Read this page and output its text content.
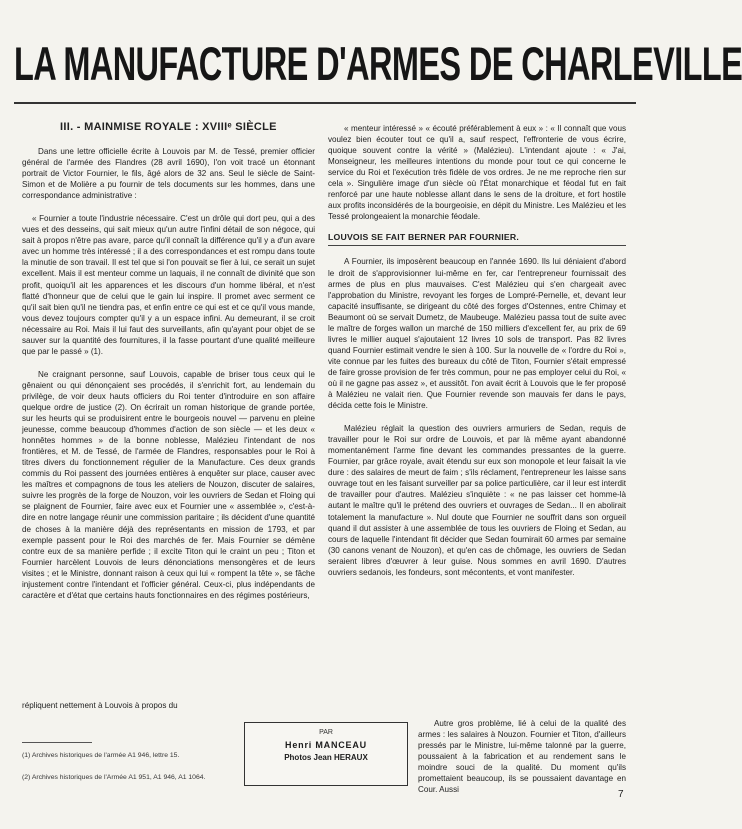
LA MANUFACTURE D'ARMES DE CHARLEVILLE
III. - MAINMISE ROYALE : XVIIIᵉ SIÈCLE

Dans une lettre officielle écrite à Louvois par M. de Tessé, premier officier général de l'armée des Flandres (28 avril 1690), l'on voit tracé un étonnant portrait de Victor Fournier, le fils, âgé alors de 32 ans. Seul le siècle de Saint-Simon et de Molière a pu fournir de tels documents sur les hommes, dans une correspondance administrative :

« Fournier a toute l'industrie nécessaire. C'est un drôle qui dort peu, qui a des vues et des desseins, qui sait mieux qu'un autre l'infini détail de son négoce, qui sait à propos n'être pas avare, parce qu'il connaît la différence qu'il y a d'un avare avec un homme très intéressé ; il a des correspondances et est rompu dans toute la minutie de son travail. Il est tel que si l'on pouvait se fier à lui, ce serait un sujet excellent. Mais il est menteur comme un laquais, il ne connaît de divinité que son profit, quoiqu'il ait les apparences et les discours d'un homme libéral, et n'est flatté d'honneur que de celui que le gain lui inspire. Il promet avec serment ce qu'il sait bien qu'il ne tiendra pas, et enfin entre ce qui est et ce qu'il vous mande, vous devez toujours compter qu'il y a un espace infini. Au demeurant, il se croit nécessaire au Roi. Mais il lui faut des surveillants, afin qu'ayant pour objet de se sauver sur la quantité des fournitures, il la fasse pourtant d'une qualité meilleure que par le passé » (1).

Ne craignant personne, sauf Louvois, capable de briser tous ceux qui le gênaient ou qui dénonçaient ses procédés, il s'enrichit fort, au lendemain du privilège, de voir deux hauts officiers du Roi tenter d'introduire en son affaire quelque ordre de justice (2). On écrirait un roman historique de grande portée, sur les heurts qui se produisirent entre le bourgeois nouvel — parvenu en pleine jeunesse, comme beaucoup d'hommes d'action de son siècle — et les deux « honnêtes hommes » de la bonne noblesse, Malézieu l'intendant de nos frontières, et M. de Tessé, de l'armée de Flandres, responsables pour le Roi à titres divers du fonctionnement régulier de la Manufacture. Ces deux grands commis du Roi passent des journées entières à enquêter sur place, causer avec les maîtres et compagnons de tous les ateliers de Nouzon, discuter de salaires, suivre les progrès de la forge de Nouzon, voir les ouvriers de Sedan et Floing qui se plaignent de Fournier, faire avec eux et Fournier une « assemblée », c'est-à-dire en notre langage réunir une commission paritaire ; ils décident d'une quantité de choses à la manière déjà des représentants en mission de 1793, et par exemple passent pour le Roi des marchés de fer. Mais Fournier se démène contre eux de sa manière perfide ; il excite Titon qui le craint un peu ; Titon et Fournier harcèlent Louvois de leurs dénonciations mensongères et de leurs visites ; et le Ministre, donnant raison à ceux qui lui « rompent la tête », se fâche injustement contre l'intendant et l'officier général. Ceux-ci, plus indépendants de caractère et d'état que certains hauts fonctionnaires en des régimes postérieurs,

répliquent nettement à Louvois à propos du
(1) Archives historiques de l'armée A1 946, lettre 15.
(2) Archives historiques de l'Armée A1 951, A1 946, A1 1064.

« menteur intéressé » « écouté préférablement à eux » : « Il connaît que vous voulez bien écouter tout ce qu'il a, sauf respect, l'effronterie de vous écrire, quoique souvent contre la vérité » (Malézieu). L'intendant ajoute : « J'ai, Monseigneur, les meilleures intentions du monde pour tout ce qui concerne le service du Roi et l'exécution très fidèle de vos ordres. Je ne me reproche rien sur cela ». Singulière image d'un siècle où l'État monarchique et féodal fut en fait renforcé par une haute noblesse allant dans le sens de la droiture, et fort hostile aux profits inconsidérés de la bourgeoisie, en dépit du Ministre. Les Malézieu et les Tessé prolongeaient la monarchie féodale.

LOUVOIS SE FAIT BERNER PAR FOURNIER.

A Fournier, ils imposèrent beaucoup en l'année 1690. Ils lui déniaient d'abord le droit de s'approvisionner lui-même en fer, car l'entrepreneur fournissait des armes de plus en plus mauvaises. C'est Malézieu qui s'en chargeait avec l'approbation du Ministre, revoyant les forges de Lompré-Pernelle, et, devant leur capacité insuffisante, se dirigeant du côté des forges d'Ostennes, entre Chimay et Beaumont où se servait Dumetz, de Maubeuge. Malézieu passa tout de suite avec le maître de forges wallon un marché de 150 milliers d'excellent fer, au prix de 69 livres le millier auquel s'ajoutaient 12 livres 10 sols de transport. Pas 82 livres quand Fournier estimait vendre le sien à 100. Sur la nouvelle de « l'ordre du Roi », vite connue par les fuites des bureaux du côté de Titon, Fournier s'était empressé de faire grosse provision de fer très commun, pour ne pas employer celui du Roi, « où il ne gagne pas assez », et aussitôt. l'on avait écrit à Louvois que le fer proposé à Malézieu ne valait rien. Que Fournier revende son mauvais fer dans le pays, décida cette fois le Ministre.

Malézieu réglait la question des ouvriers armuriers de Sedan, requis de travailler pour le Roi sur ordre de Louvois, et par là même ayant abandonné momentanément l'arme fine devant les commandes pressantes de la guerre. Fournier, par grâce royale, avait étendu sur eux son monopole et leur faisait la vie dure : des salaires de meurt de faim ; s'ils réclament, l'entrepreneur les laisse sans ouvrage tout en les faisant surveiller par sa police particulière, car il leur est interdit de travailler pour d'autres. Malézieu s'inquiète : « ne pas laisser cet homme-là autant le maître qu'il le prétend des ouvriers et ouvrages de Sedan... Il en abolirait totalement la manufacture ». Nul doute que Fournier ne souffrit dans son orgueil quand il dut assister à une assemblée de tous les ouvriers de Floing et Sedan, au cours de laquelle l'intendant fit décider que Sedan fournirait 60 armes par semaine (30 canons venant de Nouzon), et qu'en cas de chômage, les ouvriers de Sedan seraient libres d'œuvrer à leur guise. Nous sommes en avril 1690. D'autres ouvriers sedanois, les fondeurs, sont mécontents, et vont manifester.

PAR
Henri MANCEAU
Photos Jean HERAUX

Autre gros problème, lié à celui de la qualité des armes : les salaires à Nouzon. Fournier et Titon, d'ailleurs pressés par le Ministre, lui-même talonné par la guerre, poussaient à la fabrication et au rendement sans le moindre souci de la qualité. Du moment qu'ils promettaient beaucoup, ils se poussaient davantage en Cour. Aussi	7
